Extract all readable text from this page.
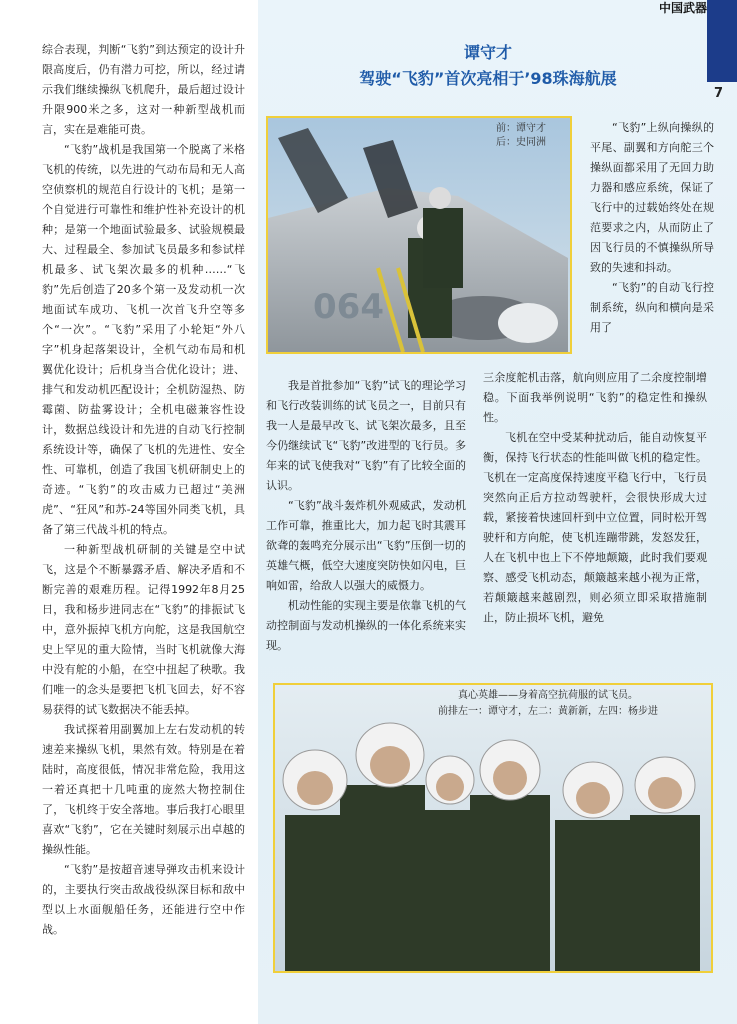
中国武器
7
谭守才
驾驶“飞豹”首次亮相于’98珠海航展

综合表现，判断“飞豹”到达预定的设计升限高度后，仍有潜力可挖，所以，经过请示我们继续操纵飞机爬升，最后超过设计升限900米之多，这对一种新型战机而言，实在是难能可贵。

“飞豹”战机是我国第一个脱离了米格飞机的传统，以先进的气动布局和无人高空侦察机的规范自行设计的飞机；是第一个自觉进行可靠性和维护性补充设计的机种；是第一个地面试验最多、试验规模最大、过程最全、参加试飞员最多和参试样机最多、试飞架次最多的机种……“飞豹”先后创造了20多个第一及发动机一次地面试车成功、飞机一次首飞升空等多个“一次”。“飞豹”采用了小轮矩“外八字”机身起落架设计，全机气动布局和机翼优化设计；后机身当合优化设计；进、排气和发动机匹配设计；全机防湿热、防霉菌、防盐雾设计；全机电磁兼容性设计，数据总线设计和先进的自动飞行控制系统设计等，确保了飞机的先进性、安全性、可靠机，创造了我国飞机研制史上的奇迹。“飞豹”的攻击威力已超过“美洲虎”、“狂风”和苏-24等国外同类飞机，具备了第三代战斗机的特点。

一种新型战机研制的关键是空中试飞，这是个不断暴露矛盾、解决矛盾和不断完善的艰难历程。记得1992年8月25日，我和杨步进同志在“飞豹”的排振试飞中，意外振掉飞机方向舵，这是我国航空史上罕见的重大险情，当时飞机就像大海中没有舵的小船，在空中扭起了秧歌。我们唯一的念头是要把飞机飞回去，好不容易获得的试飞数据决不能丢掉。

我试探着用副翼加上左右发动机的转速差来操纵飞机，果然有效。特别是在着陆时，高度很低，情况非常危险，我用这一着还真把十几吨重的庞然大物控制住了，飞机终于安全落地。事后我打心眼里喜欢“飞豹”，它在关键时刻展示出卓越的操纵性能。

“飞豹”是按超音速导弹攻击机来设计的，主要执行突击敌战役纵深目标和敌中型以上水面舰船任务，还能进行空中作战。

064
前：谭守才
后：史同洲

“飞豹”上纵向操纵的平尾、副翼和方向舵三个操纵面都采用了无回力助力器和感应系统，保证了飞行中的过载始终处在规范要求之内，从而防止了因飞行员的不慎操纵所导致的失速和抖动。

“飞豹”的自动飞行控制系统，纵向和横向是采用了

我是首批参加“飞豹”试飞的理论学习和飞行改装训练的试飞员之一，目前只有我一人是最早改飞、试飞架次最多，且至今仍继续试飞“飞豹”改进型的飞行员。多年来的试飞使我对“飞豹”有了比较全面的认识。

“飞豹”战斗轰炸机外观威武，发动机工作可靠，推重比大，加力起飞时其震耳欲聋的轰鸣充分展示出“飞豹”压倒一切的英雄气概，低空大速度突防快如闪电，巨响如雷，给敌人以强大的威慑力。

机动性能的实现主要是依靠飞机的气动控制面与发动机操纵的一体化系统来实现。

三余度舵机击落，航向则应用了二余度控制增稳。下面我举例说明“飞豹”的稳定性和操纵性。

飞机在空中受某种扰动后，能自动恢复平衡，保持飞行状态的性能叫做飞机的稳定性。飞机在一定高度保持速度平稳飞行中，飞行员突然向正后方拉动驾驶杆，会很快形成大过载，紧接着快速回杆到中立位置，同时松开驾驶杆和方向舵，使飞机连蹦带跳，发怒发狂，人在飞机中也上下不停地颠簸，此时我们要观察、感受飞机动态，颠簸越来越小视为正常，若颠簸越来越剧烈，则必须立即采取措施制止，防止损坏飞机，避免

真心英雄——身着高空抗荷服的试飞员。
前排左一：谭守才，左二：黄新新，左四：杨步进
